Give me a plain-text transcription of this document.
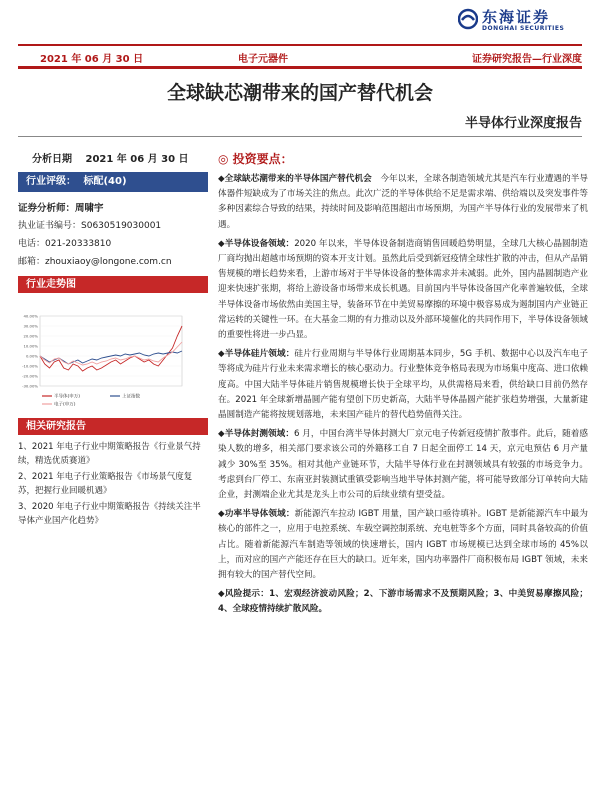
东海证券
DONGHAI SECURITIES
2021 年 06 月 30 日	电子元器件	证券研究报告—行业深度
全球缺芯潮带来的国产替代机会
半导体行业深度报告
分析日期 2021 年 06 月 30 日
行业评级： 标配(40)
证券分析师：周啸宇
执业证书编号：S0630519030001
电话：021-20333810
邮箱：zhouxiaoy@longone.com.cn
行业走势图
40.00%
30.00%
20.00%
10.00%
0.00%
-10.00%
-20.00%
-30.00%
半导体(申万)	上证指数
电子(申万)
相关研究报告
1、2021 年电子行业中期策略报告《行业景气持续，精选优质赛道》
2、2021 年电子行业策略报告《市场景气度复苏，把握行业回暖机遇》
3、2020 年电子行业中期策略报告《持续关注半导体产业国产化趋势》
◎ 投资要点：
◆全球缺芯潮带来的半导体国产替代机会　 今年以来，全球各制造领域尤其是汽车行业遭遇的半导体器件短缺成为了市场关注的焦点。此次广泛的半导体供给不足是需求端、供给端以及突发事件等多种因素综合导致的结果，持续时间及影响范围超出市场预期，为国产半导体行业的发展带来了机遇。
◆半导体设备领域：2020 年以来，半导体设备制造商销售回暖趋势明显，全球几大核心晶圆制造厂商均抛出超越市场预期的资本开支计划。虽然此后受到新冠疫情全球性扩散的冲击，但从产品销售规模的增长趋势来看，上游市场对于半导体设备的整体需求并未减弱。此外，国内晶圆制造产业迎来快速扩张期，将给上游设备市场带来成长机遇。目前国内半导体设备国产化率普遍较低，全球半导体设备市场依然由美国主导，装备环节在中美贸易摩擦的环境中极容易成为遏制国内产业链正常运转的关键性一环。在大基金二期的有力推动以及外部环境催化的共同作用下，半导体设备领域的重要性将进一步凸显。
◆半导体硅片领域：硅片行业周期与半导体行业周期基本同步，5G 手机、数据中心以及汽车电子等将成为硅片行业未来需求增长的核心驱动力。行业整体竞争格局表现为市场集中度高、进口依赖度高。中国大陆半导体硅片销售规模增长快于全球平均，从供需格局来看，供给缺口目前仍然存在。2021 年全球新增晶圆产能有望创下历史新高，大陆半导体晶圆产能扩张趋势增强，大量新建晶圆制造产能将按规划落地，未来国产硅片的替代趋势值得关注。
◆半导体封测领域：6 月，中国台湾半导体封测大厂京元电子传新冠疫情扩散事件。此后，随着感染人数的增多，相关部门要求该公司的外籍移工自 7 日起全面停工 14 天，京元电预估 6 月产量减少 30%至 35%。相对其他产业链环节，大陆半导体行业在封测领域具有较强的市场竞争力。考虑到台厂停工、东南亚封装测试重镇受影响当地半导体封测产能，将可能导致部分订单转向大陆企业，封测端企业尤其是龙头上市公司的后续业绩有望受益。
◆功率半导体领域：新能源汽车拉动 IGBT 用量，国产缺口亟待填补。IGBT 是新能源汽车中最为核心的部件之一，应用于电控系统、车载空调控制系统、充电桩等多个方面，同时具备较高的价值占比。随着新能源汽车制造等领域的快速增长，国内 IGBT 市场规模已达到全球市场的 45%以上，而对应的国产产能还存在巨大的缺口。近年来，国内功率器件厂商积极布局 IGBT 领域，未来拥有较大的国产替代空间。
◆风险提示：1、宏观经济波动风险；2、下游市场需求不及预期风险；3、中美贸易摩擦风险；4、全球疫情持续扩散风险。
